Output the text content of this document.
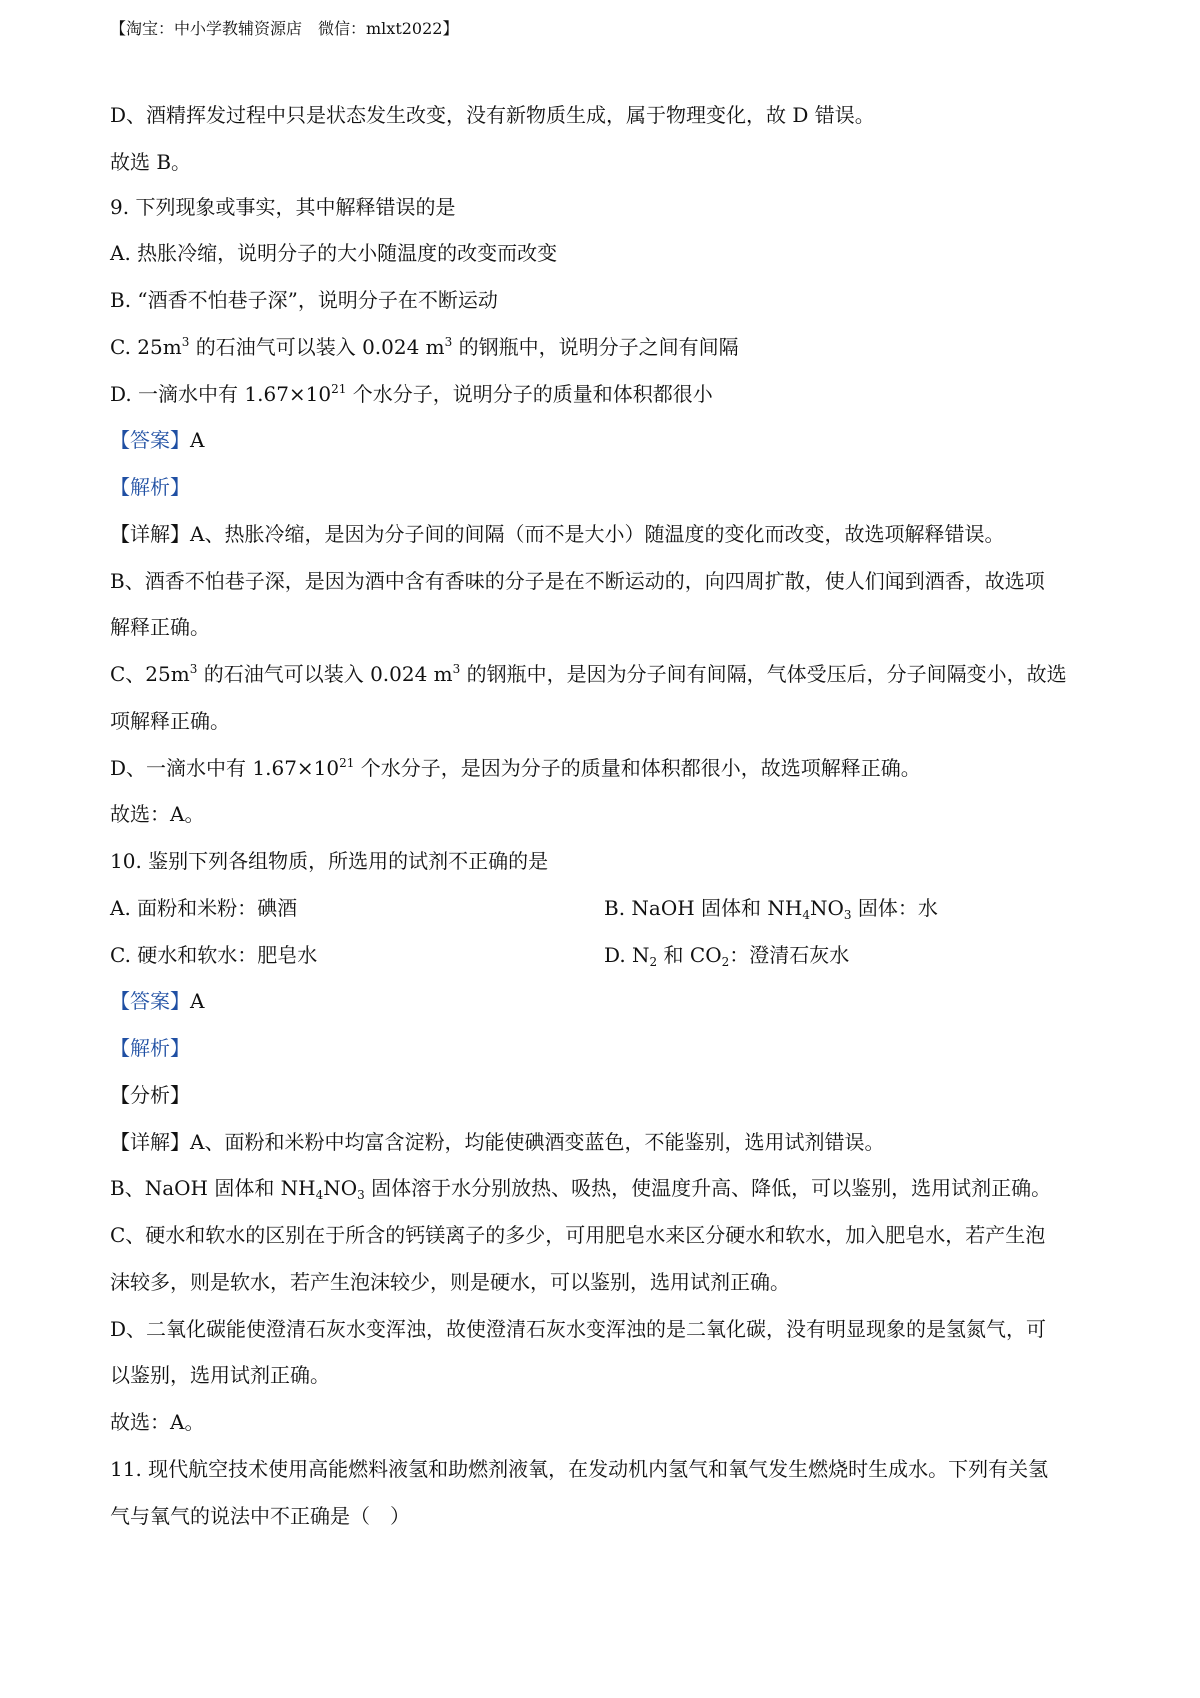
【淘宝：中小学教辅资源店　微信：mlxt2022】
D、酒精挥发过程中只是状态发生改变，没有新物质生成，属于物理变化，故 D 错误。
故选 B。
9. 下列现象或事实，其中解释错误的是
A. 热胀冷缩，说明分子的大小随温度的改变而改变
B. “酒香不怕巷子深”，说明分子在不断运动
C. $25m^3$ 的石油气可以装入 0.024 $m^3$ 的钢瓶中，说明分子之间有间隔
D. 一滴水中有 $1.67\times 10^{21}$ 个水分子，说明分子的质量和体积都很小
【答案】A
【解析】
【详解】A、热胀冷缩，是因为分子间的间隔（而不是大小）随温度的变化而改变，故选项解释错误。
B、酒香不怕巷子深，是因为酒中含有香味的分子是在不断运动的，向四周扩散，使人们闻到酒香，故选项
解释正确。
C、$25m^3$ 的石油气可以装入 0.024 $m^3$ 的钢瓶中，是因为分子间有间隔，气体受压后，分子间隔变小，故选
项解释正确。
D、一滴水中有 $1.67\times 10^{21}$ 个水分子，是因为分子的质量和体积都很小，故选项解释正确。
故选：A。
10. 鉴别下列各组物质，所选用的试剂不正确的是
A. 面粉和米粉：碘酒	B. NaOH 固体和 $NH_4NO_3$ 固体：水
C. 硬水和软水：肥皂水	D. $N_2$ 和 $CO_2$：澄清石灰水
【答案】A
【解析】
【分析】
【详解】A、面粉和米粉中均富含淀粉，均能使碘酒变蓝色，不能鉴别，选用试剂错误。
B、NaOH 固体和 $NH_4NO_3$ 固体溶于水分别放热、吸热，使温度升高、降低，可以鉴别，选用试剂正确。
C、硬水和软水的区别在于所含的钙镁离子的多少，可用肥皂水来区分硬水和软水，加入肥皂水，若产生泡
沫较多，则是软水，若产生泡沫较少，则是硬水，可以鉴别，选用试剂正确。
D、二氧化碳能使澄清石灰水变浑浊，故使澄清石灰水变浑浊的是二氧化碳，没有明显现象的是氢氮气，可
以鉴别，选用试剂正确。
故选：A。
11. 现代航空技术使用高能燃料液氢和助燃剂液氧，在发动机内氢气和氧气发生燃烧时生成水。下列有关氢
气与氧气的说法中不正确是（　）
